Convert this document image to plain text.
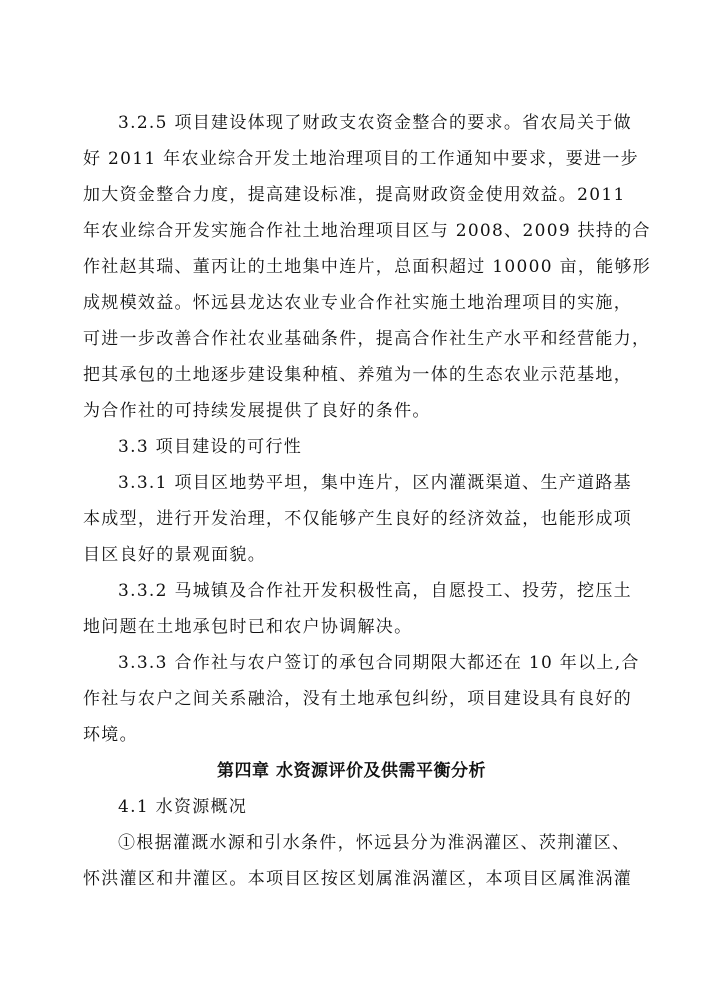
3.2.5 项目建设体现了财政支农资金整合的要求。省农局关于做
好 2011 年农业综合开发土地治理项目的工作通知中要求，要进一步
加大资金整合力度，提高建设标准，提高财政资金使用效益。2011
年农业综合开发实施合作社土地治理项目区与 2008、2009 扶持的合
作社赵其瑞、董丙让的土地集中连片，总面积超过 10000 亩，能够形
成规模效益。怀远县龙达农业专业合作社实施土地治理项目的实施，
可进一步改善合作社农业基础条件，提高合作社生产水平和经营能力，
把其承包的土地逐步建设集种植、养殖为一体的生态农业示范基地，
为合作社的可持续发展提供了良好的条件。
3.3 项目建设的可行性
3.3.1 项目区地势平坦，集中连片，区内灌溉渠道、生产道路基
本成型，进行开发治理，不仅能够产生良好的经济效益，也能形成项
目区良好的景观面貌。
3.3.2 马城镇及合作社开发积极性高，自愿投工、投劳，挖压土
地问题在土地承包时已和农户协调解决。
3.3.3 合作社与农户签订的承包合同期限大都还在 10 年以上,合
作社与农户之间关系融洽，没有土地承包纠纷，项目建设具有良好的
环境。
第四章 水资源评价及供需平衡分析
4.1 水资源概况
①根据灌溉水源和引水条件，怀远县分为淮涡灌区、茨荆灌区、
怀洪灌区和井灌区。本项目区按区划属淮涡灌区，本项目区属淮涡灌
